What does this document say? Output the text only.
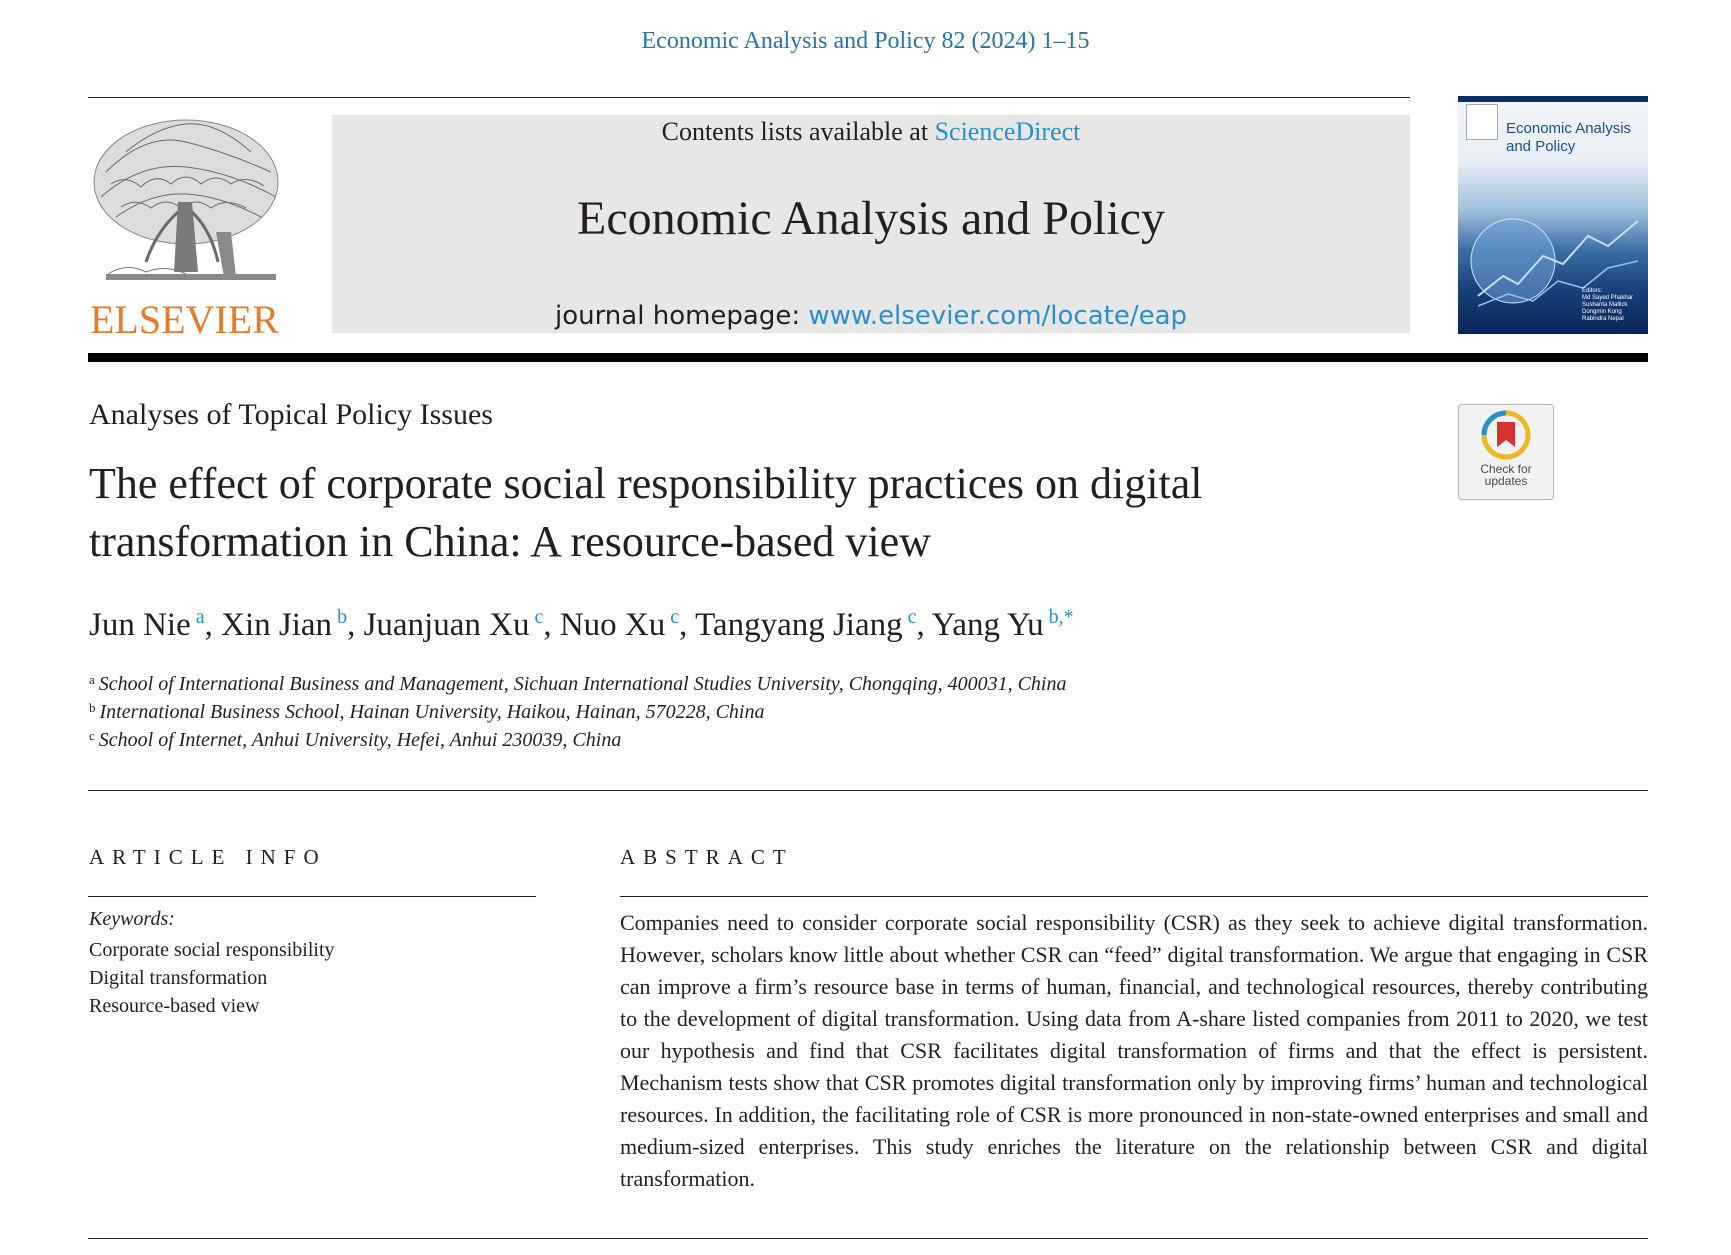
Economic Analysis and Policy 82 (2024) 1–15
ELSEVIER
Contents lists available at ScienceDirect
Economic Analysis and Policy
journal homepage: www.elsevier.com/locate/eap
Economic Analysis
and Policy
Editors:
Md Sayed Phakhar
Sushanta Mallick
Dongmin Kong
Rabindra Nepal
Analyses of Topical Policy Issues
Check for
updates
The effect of corporate social responsibility practices on digital transformation in China: A resource-based view
Jun Nie $^a$, Xin Jian $^b$, Juanjuan Xu $^c$, Nuo Xu $^c$, Tangyang Jiang $^c$, Yang Yu $^{b,*}$
$^a$ School of International Business and Management, Sichuan International Studies University, Chongqing, 400031, China
$^b$ International Business School, Hainan University, Haikou, Hainan, 570228, China
$^c$ School of Internet, Anhui University, Hefei, Anhui 230039, China
ARTICLE INFO	ABSTRACT
Keywords:
Corporate social responsibility
Digital transformation
Resource-based view
Companies need to consider corporate social responsibility (CSR) as they seek to achieve digital transformation. However, scholars know little about whether CSR can “feed” digital transformation. We argue that engaging in CSR can improve a firm’s resource base in terms of human, financial, and technological resources, thereby contributing to the development of digital transformation. Using data from A-share listed companies from 2011 to 2020, we test our hypothesis and find that CSR facilitates digital transformation of firms and that the effect is persistent. Mechanism tests show that CSR promotes digital transformation only by improving firms’ human and technological resources. In addition, the facilitating role of CSR is more pronounced in non-state-owned enterprises and small and medium-sized enterprises. This study enriches the literature on the relationship between CSR and digital transformation.
